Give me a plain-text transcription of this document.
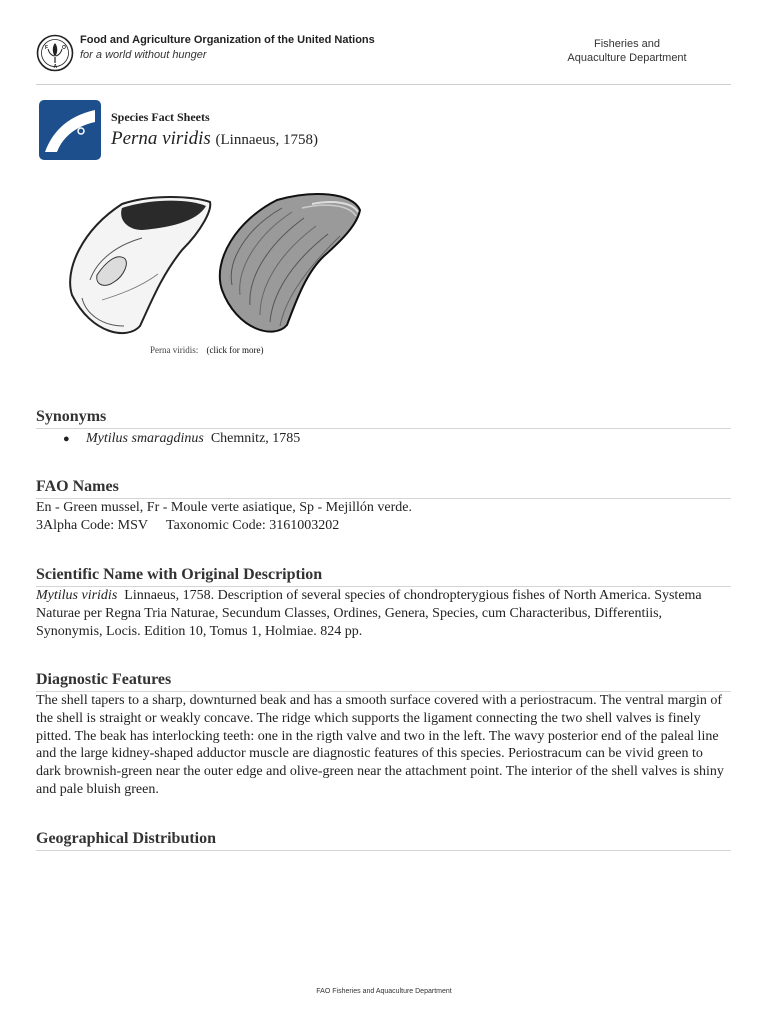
F	O
A
Food and Agriculture Organization of the United Nations
for a world without hunger
Fisheries and
Aquaculture Department
Species Fact Sheets
Perna viridis (Linnaeus, 1758)
Perna viridis: (click for more)
Synonyms
● Mytilus smaragdinus Chemnitz, 1785
FAO Names
En - Green mussel, Fr - Moule verte asiatique, Sp - Mejillón verde.
3Alpha Code: MSV Taxonomic Code: 3161003202
Scientific Name with Original Description
Mytilus viridis Linnaeus, 1758. Description of several species of chondropterygious fishes of North America. Systema Naturae per Regna Tria Naturae, Secundum Classes, Ordines, Genera, Species, cum Characteribus, Differentiis, Synonymis, Locis. Edition 10, Tomus 1, Holmiae. 824 pp.
Diagnostic Features
The shell tapers to a sharp, downturned beak and has a smooth surface covered with a periostracum. The ventral margin of the shell is straight or weakly concave. The ridge which supports the ligament connecting the two shell valves is finely pitted. The beak has interlocking teeth: one in the rigth valve and two in the left. The wavy posterior end of the paleal line and the large kidney-shaped adductor muscle are diagnostic features of this species. Periostracum can be vivid green to dark brownish-green near the outer edge and olive-green near the attachment point. The interior of the shell valves is shiny and pale bluish green.
Geographical Distribution
FAO Fisheries and Aquaculture Department
